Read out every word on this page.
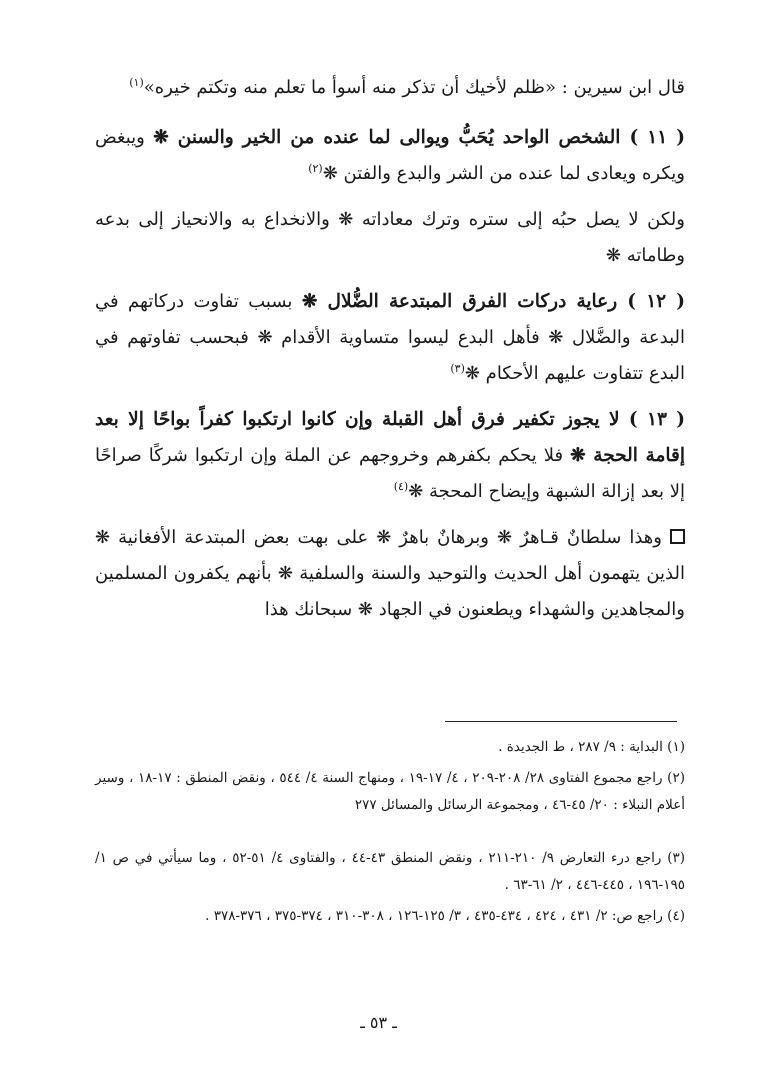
قال ابن سيرين : «ظلم لأخيك أن تذكر منه أسوأ ما تعلم منه وتكتم خيره»$^{(١)}$

( ١١ ) الشخص الواحد يُحَبُّ ويوالى لما عنده من الخير والسنن ❋ ويبغض ويكره ويعادى لما عنده من الشر والبدع والفتن ❋$^{(٢)}$

ولكن لا يصل حبُه إلى ستره وترك معاداته ❋ والانخداع به والانحياز إلى بدعه وطاماته ❋

( ١٢ ) رعاية دركات الفرق المبتدعة الضُّلال ❋ بسبب تفاوت دركاتهم في البدعة والضَّلال ❋ فأهل البدع ليسوا متساوية الأقدام ❋ فبحسب تفاوتهم في البدع تتفاوت عليهم الأحكام ❋$^{(٣)}$

( ١٣ ) لا يجوز تكفير فرق أهل القبلة وإن كانوا ارتكبوا كفراً بواحًا إلا بعد إقامة الحجة ❋ فلا يحكم بكفرهم وخروجهم عن الملة وإن ارتكبوا شركًا صراحًا إلا بعد إزالة الشبهة وإيضاح المحجة ❋$^{(٤)}$

وهذا سلطانٌ قـاهرٌ ❋ وبرهانٌ باهرٌ ❋ على بهت بعض المبتدعة الأفغانية ❋ الذين يتهمون أهل الحديث والتوحيد والسنة والسلفية ❋ بأنهم يكفرون المسلمين والمجاهدين والشهداء ويطعنون في الجهاد ❋ سبحانك هذا

(١) البداية : ٩/ ٢٨٧ ، ط الجديدة .

(٢) راجع مجموع الفتاوى ٢٨/ ٢٠٨-٢٠٩ ، ٤/ ١٧-١٩ ، ومنهاج السنة ٤/ ٥٤٤ ، ونقض المنطق : ١٧-١٨ ، وسير أعلام النبلاء : ٢٠/ ٤٥-٤٦ ، ومجموعة الرسائل والمسائل ٢٧٧

(٣) راجع درء التعارض ٩/ ٢١٠-٢١١ ، ونقض المنطق ٤٣-٤٤ ، والفتاوى ٤/ ٥١-٥٢ ، وما سيأتي في ص ١/ ١٩٥-١٩٦ ، ٤٤٥-٤٤٦ ، ٢/ ٦١-٦٣ .

(٤) راجع ص: ٢/ ٤٣١ ، ٤٢٤ ، ٤٣٤-٤٣٥ ، ٣/ ١٢٥-١٢٦ ، ٣٠٨-٣١٠ ، ٣٧٤-٣٧٥ ، ٣٧٦-٣٧٨ .

ـ ٥٣ ـ
